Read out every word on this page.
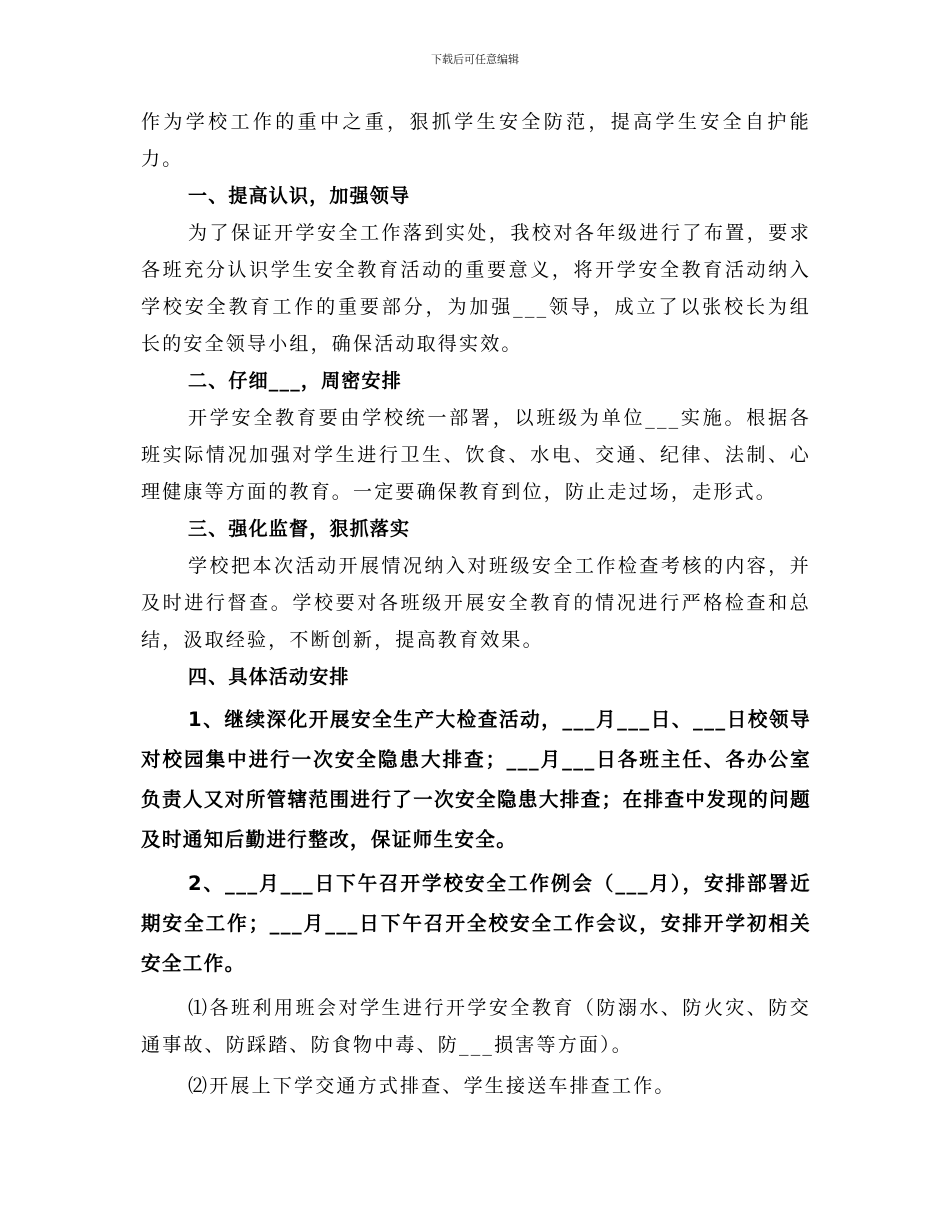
下载后可任意编辑

作为学校工作的重中之重，狠抓学生安全防范，提高学生安全自护能力。

一、提高认识，加强领导

为了保证开学安全工作落到实处，我校对各年级进行了布置，要求各班充分认识学生安全教育活动的重要意义，将开学安全教育活动纳入学校安全教育工作的重要部分，为加强___领导，成立了以张校长为组长的安全领导小组，确保活动取得实效。

二、仔细___，周密安排

开学安全教育要由学校统一部署，以班级为单位___实施。根据各班实际情况加强对学生进行卫生、饮食、水电、交通、纪律、法制、心理健康等方面的教育。一定要确保教育到位，防止走过场，走形式。

三、强化监督，狠抓落实

学校把本次活动开展情况纳入对班级安全工作检查考核的内容，并及时进行督查。学校要对各班级开展安全教育的情况进行严格检查和总结，汲取经验，不断创新，提高教育效果。

四、具体活动安排

1、继续深化开展安全生产大检查活动，___月___日、___日校领导对校园集中进行一次安全隐患大排查；___月___日各班主任、各办公室负责人又对所管辖范围进行了一次安全隐患大排查；在排查中发现的问题及时通知后勤进行整改，保证师生安全。

2、___月___日下午召开学校安全工作例会（___月），安排部署近期安全工作；___月___日下午召开全校安全工作会议，安排开学初相关安全工作。

⑴各班利用班会对学生进行开学安全教育（防溺水、防火灾、防交通事故、防踩踏、防食物中毒、防___损害等方面）。

⑵开展上下学交通方式排查、学生接送车排查工作。
